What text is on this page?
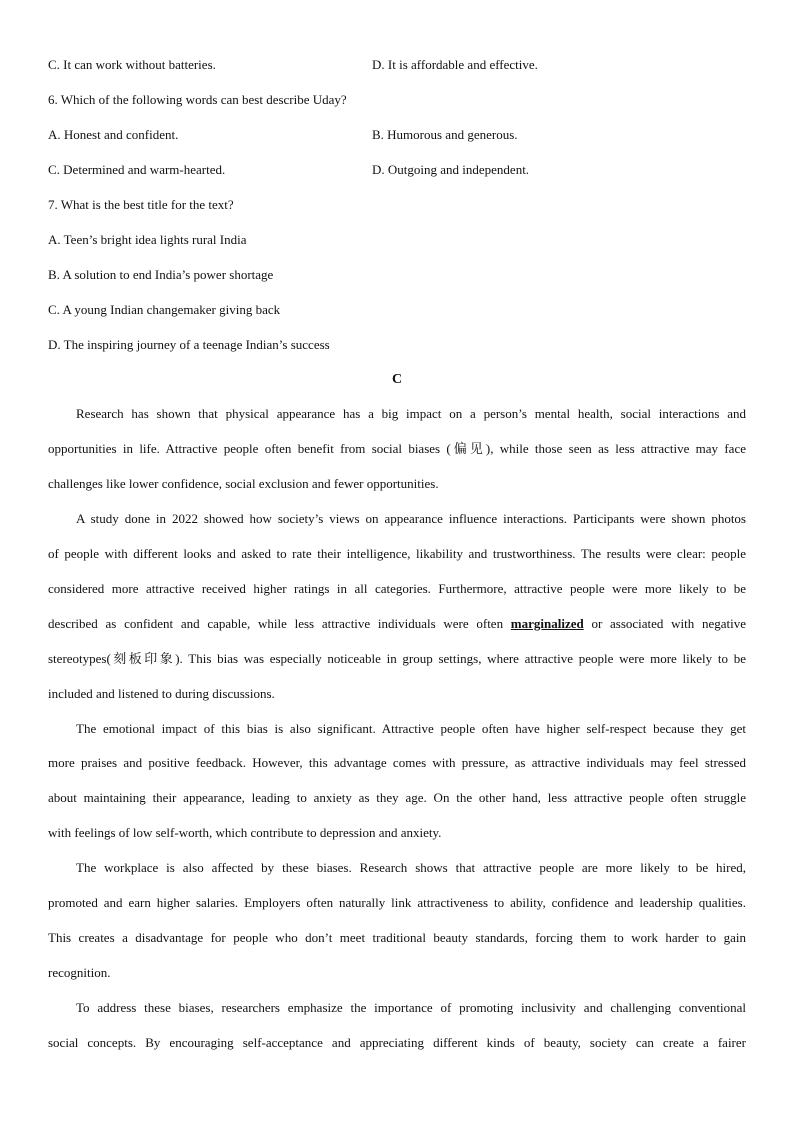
C. It can work without batteries.	D. It is affordable and effective.
6. Which of the following words can best describe Uday?
A. Honest and confident.	B. Humorous and generous.
C. Determined and warm-hearted.	D. Outgoing and independent.
7. What is the best title for the text?
A. Teen’s bright idea lights rural India
B. A solution to end India’s power shortage
C. A young Indian changemaker giving back
D. The inspiring journey of a teenage Indian’s success
C
Research has shown that physical appearance has a big impact on a person’s mental health, social interactions and
opportunities in life. Attractive people often benefit from social biases (偏见), while those seen as less attractive may face
challenges like lower confidence, social exclusion and fewer opportunities.
A study done in 2022 showed how society’s views on appearance influence interactions. Participants were shown photos
of people with different looks and asked to rate their intelligence, likability and trustworthiness. The results were clear: people
considered more attractive received higher ratings in all categories. Furthermore, attractive people were more likely to be
described as confident and capable, while less attractive individuals were often marginalized or associated with negative
stereotypes(刻板印象). This bias was especially noticeable in group settings, where attractive people were more likely to be
included and listened to during discussions.
The emotional impact of this bias is also significant. Attractive people often have higher self-respect because they get
more praises and positive feedback. However, this advantage comes with pressure, as attractive individuals may feel stressed
about maintaining their appearance, leading to anxiety as they age. On the other hand, less attractive people often struggle
with feelings of low self-worth, which contribute to depression and anxiety.
The workplace is also affected by these biases. Research shows that attractive people are more likely to be hired,
promoted and earn higher salaries. Employers often naturally link attractiveness to ability, confidence and leadership qualities.
This creates a disadvantage for people who don’t meet traditional beauty standards, forcing them to work harder to gain
recognition.
To address these biases, researchers emphasize the importance of promoting inclusivity and challenging conventional
social concepts. By encouraging self-acceptance and appreciating different kinds of beauty, society can create a fairer
